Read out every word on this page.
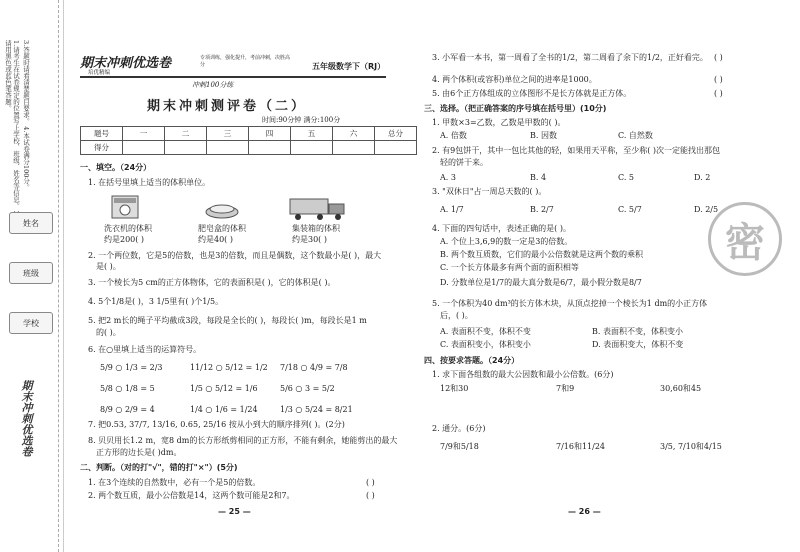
1.请考生在试卷规定的位置写上学校、班级、姓名等信息。 请用黑色或蓝色笔答题。	3.答题时请看清楚题目要求。 4.本试卷满分100分。
姓名
班级
学校
期末冲刺优选卷
期末冲刺优选卷
培优精编
专项训练，强化提升，考前冲刺，决胜高分	五年级数学下（RJ）
冲刺100分练
期末冲刺测评卷（二）
时间:90分钟 满分:100分
题号	一	二	三	四	五	六	总分
得分							
一、填空。（24分）
1. 在括号里填上适当的体积单位。
洗衣机的体积
约是200( )
肥皂盒的体积
约是40( )
集装箱的体积
约是30( )
2. 一个两位数，它是5的倍数，也是3的倍数，而且是偶数，这个数最小是( )，最大
是( )。
3. 一个棱长为5 cm的正方体物体，它的表面积是( )，它的体积是( )。
4. 5个1/8是( )，3 1/5里有( )个1/5。
5. 把2 m长的绳子平均截成3段，每段是全长的( )，每段长( )m，每段长是1 m
的( )。
6. 在○里填上适当的运算符号。
5/9 ○ 1/3 = 2/3	11/12 ○ 5/12 = 1/2 7/18 ○ 4/9 = 7/8
5/8 ○ 1/8 = 5	1/5 ○ 5/12 = 1/6	5/6 ○ 3 = 5/2
8/9 ○ 2/9 = 4	1/4 ○ 1/6 = 1/24	1/3 ○ 5/24 = 8/21
7. 把0.53, 37/7, 13/16, 0.65, 25/16 按从小到大的顺序排列( )。(2分)
8. 贝贝用长1.2 m，宽8 dm的长方形纸剪相同的正方形，不能有剩余，她能剪出的最大
正方形的边长是( )dm。
二、判断。（对的打"√"，错的打"×"）(5分)
1. 在3个连续的自然数中，必有一个是5的倍数。	( )
2. 两个数互质，最小公倍数是14，这两个数可能是2和7。	( )
— 25 —
3. 小军看一本书，第一周看了全书的1/2，第二周看了余下的1/2，正好看完。 ( )
4. 两个体积(或容积)单位之间的进率是1000。	( )
5. 由6个正方体组成的立体图形不是长方体就是正方体。	( )
三、选择。（把正确答案的序号填在括号里）(10分)
1. 甲数×3=乙数，乙数是甲数的( )。
A. 倍数	B. 因数	C. 自然数
2. 有9包饼干，其中一包比其他的轻，如果用天平称，至少称( )次一定能找出那包
轻的饼干来。
A. 3	B. 4	C. 5	D. 2
3. "双休日"占一周总天数的( )。
A. 1/7	B. 2/7	C. 5/7	D. 2/5
4. 下面的四句话中，表述正确的是( )。
A. 个位上3,6,9的数一定是3的倍数。
B. 两个数互质数，它们的最小公倍数就是这两个数的乘积
C. 一个长方体最多有两个面的面积相等
D. 分数单位是1/7的最大真分数是6/7，最小假分数是8/7
5. 一个体积为40 dm³的长方体木块，从顶点挖掉一个棱长为1 dm的小正方体
后，( )。
A. 表面积不变，体积不变	B. 表面积不变，体积变小
C. 表面积变小，体积变小	D. 表面积变大，体积不变
四、按要求答题。（24分）
1. 求下面各组数的最大公因数和最小公倍数。(6分)
12和30	7和9	30,60和45
2. 通分。(6分)
7/9和5/18	7/16和11/24	3/5, 7/10和4/15
— 26 —
密
